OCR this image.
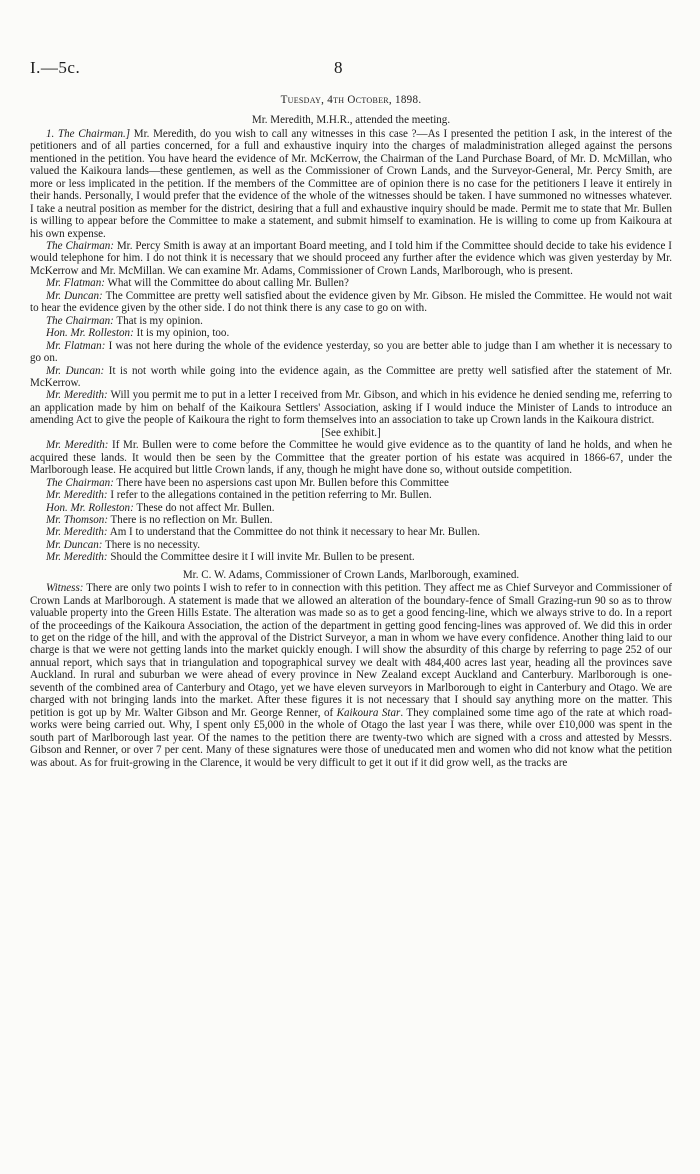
I.—5c.	8

Tuesday, 4th October, 1898.

Mr. Meredith, M.H.R., attended the meeting.

1. The Chairman.] Mr. Meredith, do you wish to call any witnesses in this case ?—As I presented the petition I ask, in the interest of the petitioners and of all parties concerned, for a full and exhaustive inquiry into the charges of maladministration alleged against the persons mentioned in the petition. You have heard the evidence of Mr. McKerrow, the Chairman of the Land Purchase Board, of Mr. D. McMillan, who valued the Kaikoura lands—these gentlemen, as well as the Commissioner of Crown Lands, and the Surveyor-General, Mr. Percy Smith, are more or less implicated in the petition. If the members of the Committee are of opinion there is no case for the petitioners I leave it entirely in their hands. Personally, I would prefer that the evidence of the whole of the witnesses should be taken. I have summoned no witnesses whatever. I take a neutral position as member for the district, desiring that a full and exhaustive inquiry should be made. Permit me to state that Mr. Bullen is willing to appear before the Committee to make a statement, and submit himself to examination. He is willing to come up from Kaikoura at his own expense.

The Chairman: Mr. Percy Smith is away at an important Board meeting, and I told him if the Committee should decide to take his evidence I would telephone for him. I do not think it is necessary that we should proceed any further after the evidence which was given yesterday by Mr. McKerrow and Mr. McMillan. We can examine Mr. Adams, Commissioner of Crown Lands, Marlborough, who is present.

Mr. Flatman: What will the Committee do about calling Mr. Bullen?

Mr. Duncan: The Committee are pretty well satisfied about the evidence given by Mr. Gibson. He misled the Committee. He would not wait to hear the evidence given by the other side. I do not think there is any case to go on with.

The Chairman: That is my opinion.

Hon. Mr. Rolleston: It is my opinion, too.

Mr. Flatman: I was not here during the whole of the evidence yesterday, so you are better able to judge than I am whether it is necessary to go on.

Mr. Duncan: It is not worth while going into the evidence again, as the Committee are pretty well satisfied after the statement of Mr. McKerrow.

Mr. Meredith: Will you permit me to put in a letter I received from Mr. Gibson, and which in his evidence he denied sending me, referring to an application made by him on behalf of the Kaikoura Settlers' Association, asking if I would induce the Minister of Lands to introduce an amending Act to give the people of Kaikoura the right to form themselves into an association to take up Crown lands in the Kaikoura district.

[See exhibit.]

Mr. Meredith: If Mr. Bullen were to come before the Committee he would give evidence as to the quantity of land he holds, and when he acquired these lands. It would then be seen by the Committee that the greater portion of his estate was acquired in 1866-67, under the Marlborough lease. He acquired but little Crown lands, if any, though he might have done so, without outside competition.

The Chairman: There have been no aspersions cast upon Mr. Bullen before this Committee

Mr. Meredith: I refer to the allegations contained in the petition referring to Mr. Bullen.

Hon. Mr. Rolleston: These do not affect Mr. Bullen.

Mr. Thomson: There is no reflection on Mr. Bullen.

Mr. Meredith: Am I to understand that the Committee do not think it necessary to hear Mr. Bullen.

Mr. Duncan: There is no necessity.

Mr. Meredith: Should the Committee desire it I will invite Mr. Bullen to be present.

Mr. C. W. Adams, Commissioner of Crown Lands, Marlborough, examined.

Witness: There are only two points I wish to refer to in connection with this petition. They affect me as Chief Surveyor and Commissioner of Crown Lands at Marlborough. A statement is made that we allowed an alteration of the boundary-fence of Small Grazing-run 90 so as to throw valuable property into the Green Hills Estate. The alteration was made so as to get a good fencing-line, which we always strive to do. In a report of the proceedings of the Kaikoura Association, the action of the department in getting good fencing-lines was approved of. We did this in order to get on the ridge of the hill, and with the approval of the District Surveyor, a man in whom we have every confidence. Another thing laid to our charge is that we were not getting lands into the market quickly enough. I will show the absurdity of this charge by referring to page 252 of our annual report, which says that in triangulation and topographical survey we dealt with 484,400 acres last year, heading all the provinces save Auckland. In rural and suburban we were ahead of every province in New Zealand except Auckland and Canterbury. Marlborough is one-seventh of the combined area of Canterbury and Otago, yet we have eleven surveyors in Marlborough to eight in Canterbury and Otago. We are charged with not bringing lands into the market. After these figures it is not necessary that I should say anything more on the matter. This petition is got up by Mr. Walter Gibson and Mr. George Renner, of Kaikoura Star. They complained some time ago of the rate at which road-works were being carried out. Why, I spent only £5,000 in the whole of Otago the last year I was there, while over £10,000 was spent in the south part of Marlborough last year. Of the names to the petition there are twenty-two which are signed with a cross and attested by Messrs. Gibson and Renner, or over 7 per cent. Many of these signatures were those of uneducated men and women who did not know what the petition was about. As for fruit-growing in the Clarence, it would be very difficult to get it out if it did grow well, as the tracks are
